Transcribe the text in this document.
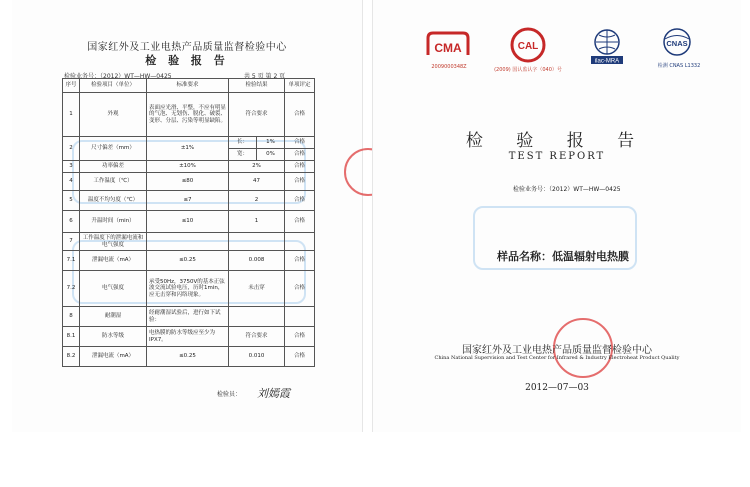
国家红外及工业电热产品质量监督检验中心
检 验 报 告
检验业务号：（2012）WT—HW—0425	共 5 页 第 2 页
序号	检验项目（单位）	标准要求	检验结果		单项评定
1	外观	表面应光滑、平整，不应有明显的气泡、无划伤、脱化、破裂、变形、分层、污染等明显缺陷。	符合要求		合格
2	尺寸偏差（mm）	±1%	长：	1%	合格
			宽：	0%	合格
3	功率偏差	±10%	2%		合格
4	工作温度（℃）	≤80	47		合格
5	温度不均匀度（℃）	≤7	2		合格
6	升温时间（min）	≤10	1		合格
7	工作温度下的泄漏电流和电气强度				
7.1	泄漏电流（mA）	≤0.25	0.008		合格
7.2	电气强度	承受50Hz，3750V的基本正弦波交流试验电压，历时1min，应无击穿和闪络现象。	未击穿		合格
8	耐潮湿	经耐潮湿试验后，进行如下试验：			
8.1	防水等级	电热膜的防水等级应至少为IPX7。	符合要求		合格
8.2	泄漏电流（mA）	≤0.25	0.010		合格
检验员： 刘嫣霞
CMA
2009000348Z
CAL
(2009) 国认监认字（040）号
ilac-MRA
CNAS
检测 CNAS L1332
检 验 报 告
TEST REPORT
检验业务号：（2012）WT—HW—0425
样品名称：低温辐射电热膜
国家红外及工业电热产品质量监督检验中心
China National Supervision and Test Center for Infrared & Industry Electroheat Product Quality
2012—07—03
